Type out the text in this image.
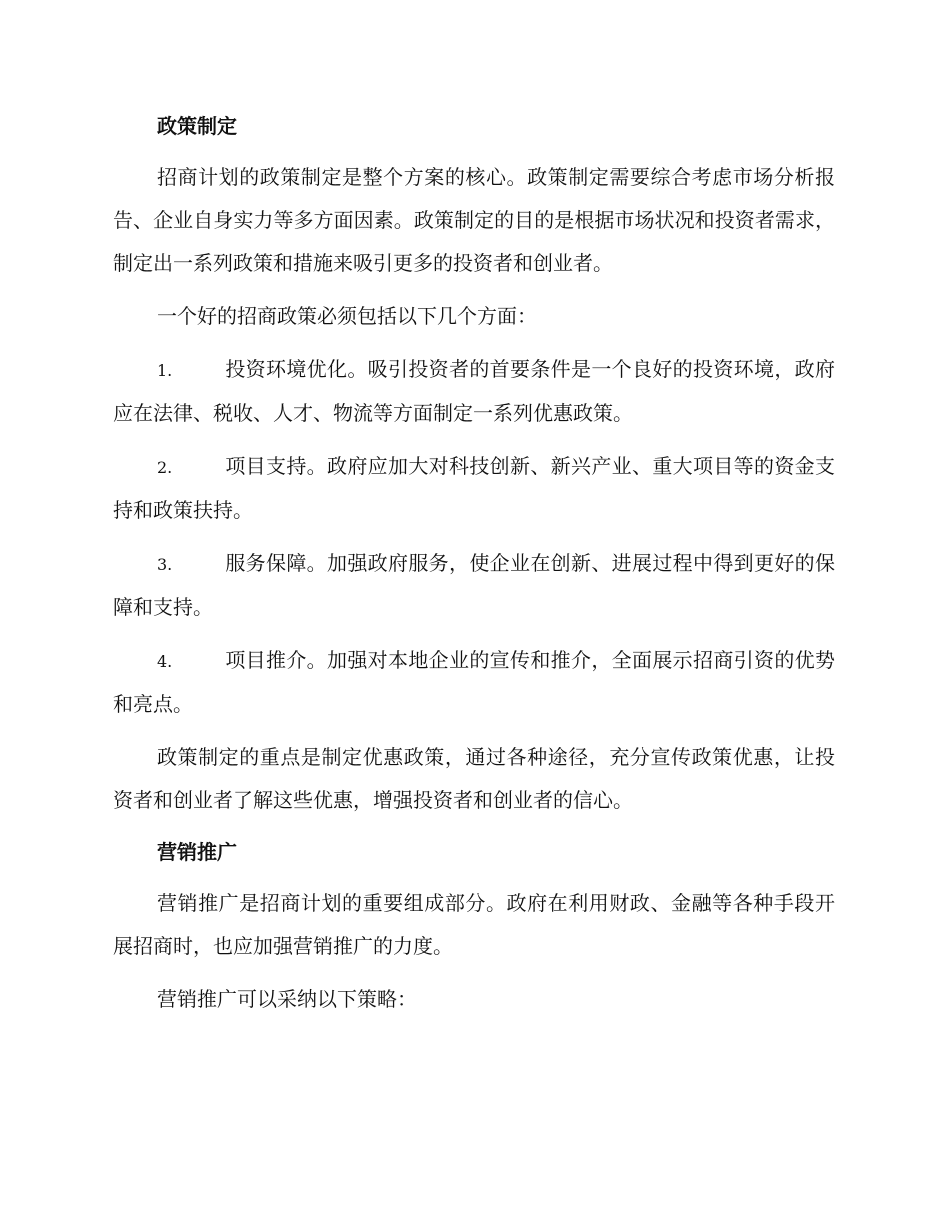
政策制定

招商计划的政策制定是整个方案的核心。政策制定需要综合考虑市场分析报告、企业自身实力等多方面因素。政策制定的目的是根据市场状况和投资者需求，制定出一系列政策和措施来吸引更多的投资者和创业者。

一个好的招商政策必须包括以下几个方面：

1.	投资环境优化。吸引投资者的首要条件是一个良好的投资环境，政府应在法律、税收、人才、物流等方面制定一系列优惠政策。

2.	项目支持。政府应加大对科技创新、新兴产业、重大项目等的资金支持和政策扶持。

3.	服务保障。加强政府服务，使企业在创新、进展过程中得到更好的保障和支持。

4.	项目推介。加强对本地企业的宣传和推介，全面展示招商引资的优势和亮点。

政策制定的重点是制定优惠政策，通过各种途径，充分宣传政策优惠，让投资者和创业者了解这些优惠，增强投资者和创业者的信心。

营销推广

营销推广是招商计划的重要组成部分。政府在利用财政、金融等各种手段开展招商时，也应加强营销推广的力度。

营销推广可以采纳以下策略：
